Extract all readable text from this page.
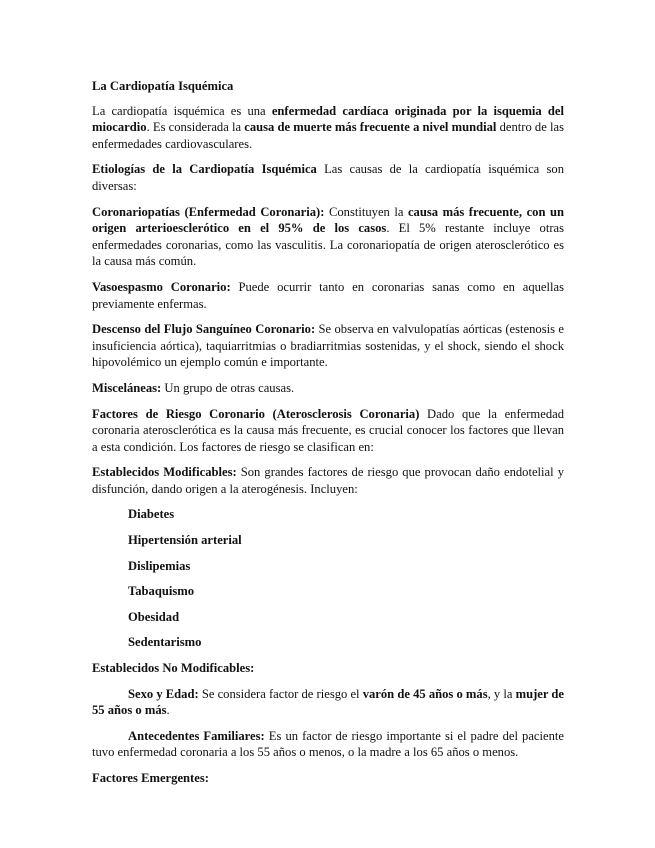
La Cardiopatía Isquémica

La cardiopatía isquémica es una enfermedad cardíaca originada por la isquemia del miocardio. Es considerada la causa de muerte más frecuente a nivel mundial dentro de las enfermedades cardiovasculares.

Etiologías de la Cardiopatía Isquémica Las causas de la cardiopatía isquémica son diversas:

Coronariopatías (Enfermedad Coronaria): Constituyen la causa más frecuente, con un origen arterioesclerótico en el 95% de los casos. El 5% restante incluye otras enfermedades coronarias, como las vasculitis. La coronariopatía de origen aterosclerótico es la causa más común.

Vasoespasmo Coronario: Puede ocurrir tanto en coronarias sanas como en aquellas previamente enfermas.

Descenso del Flujo Sanguíneo Coronario: Se observa en valvulopatías aórticas (estenosis e insuficiencia aórtica), taquiarritmias o bradiarritmias sostenidas, y el shock, siendo el shock hipovolémico un ejemplo común e importante.

Misceláneas: Un grupo de otras causas.

Factores de Riesgo Coronario (Aterosclerosis Coronaria) Dado que la enfermedad coronaria aterosclerótica es la causa más frecuente, es crucial conocer los factores que llevan a esta condición. Los factores de riesgo se clasifican en:

Establecidos Modificables: Son grandes factores de riesgo que provocan daño endotelial y disfunción, dando origen a la aterogénesis. Incluyen:

Diabetes

Hipertensión arterial

Dislipemias

Tabaquismo

Obesidad

Sedentarismo

Establecidos No Modificables:

Sexo y Edad: Se considera factor de riesgo el varón de 45 años o más, y la mujer de 55 años o más.

Antecedentes Familiares: Es un factor de riesgo importante si el padre del paciente tuvo enfermedad coronaria a los 55 años o menos, o la madre a los 65 años o menos.

Factores Emergentes:
